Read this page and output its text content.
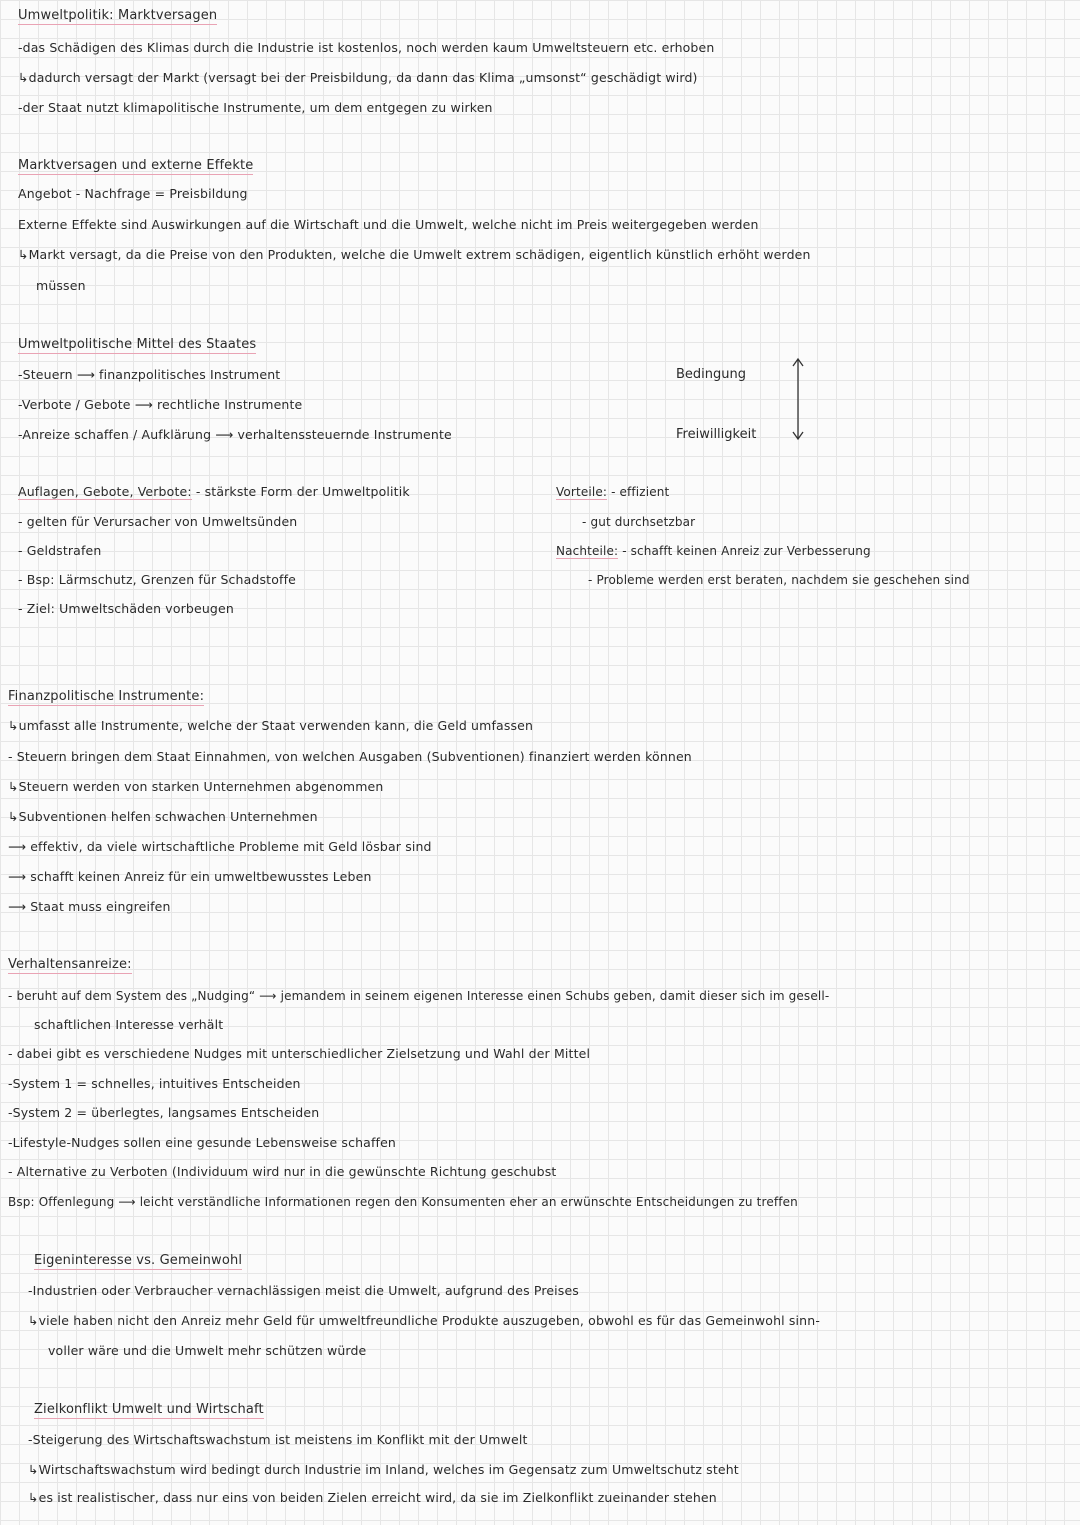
Umweltpolitik: Marktversagen
-das Schädigen des Klimas durch die Industrie ist kostenlos, noch werden kaum Umweltsteuern etc. erhoben
↳dadurch versagt der Markt (versagt bei der Preisbildung, da dann das Klima „umsonst“ geschädigt wird)
-der Staat nutzt klimapolitische Instrumente, um dem entgegen zu wirken
Marktversagen und externe Effekte
Angebot - Nachfrage = Preisbildung
Externe Effekte sind Auswirkungen auf die Wirtschaft und die Umwelt, welche nicht im Preis weitergegeben werden
↳Markt versagt, da die Preise von den Produkten, welche die Umwelt extrem schädigen, eigentlich künstlich erhöht werden
müssen
Umweltpolitische Mittel des Staates
-Steuern ⟶ finanzpolitisches Instrument
-Verbote / Gebote ⟶ rechtliche Instrumente
-Anreize schaffen / Aufklärung ⟶ verhaltenssteuernde Instrumente
Bedingung
Freiwilligkeit
Auflagen, Gebote, Verbote: - stärkste Form der Umweltpolitik
- gelten für Verursacher von Umweltsünden
- Geldstrafen
- Bsp: Lärmschutz, Grenzen für Schadstoffe
- Ziel: Umweltschäden vorbeugen
Vorteile: - effizient
- gut durchsetzbar
Nachteile: - schafft keinen Anreiz zur Verbesserung
- Probleme werden erst beraten, nachdem sie geschehen sind
Finanzpolitische Instrumente:
↳umfasst alle Instrumente, welche der Staat verwenden kann, die Geld umfassen
- Steuern bringen dem Staat Einnahmen, von welchen Ausgaben (Subventionen) finanziert werden können
↳Steuern werden von starken Unternehmen abgenommen
↳Subventionen helfen schwachen Unternehmen
⟶ effektiv, da viele wirtschaftliche Probleme mit Geld lösbar sind
⟶ schafft keinen Anreiz für ein umweltbewusstes Leben
⟶ Staat muss eingreifen
Verhaltensanreize:
- beruht auf dem System des „Nudging“ ⟶ jemandem in seinem eigenen Interesse einen Schubs geben, damit dieser sich im gesell-
schaftlichen Interesse verhält
- dabei gibt es verschiedene Nudges mit unterschiedlicher Zielsetzung und Wahl der Mittel
-System 1 = schnelles, intuitives Entscheiden
-System 2 = überlegtes, langsames Entscheiden
-Lifestyle-Nudges sollen eine gesunde Lebensweise schaffen
- Alternative zu Verboten (Individuum wird nur in die gewünschte Richtung geschubst
Bsp: Offenlegung ⟶ leicht verständliche Informationen regen den Konsumenten eher an erwünschte Entscheidungen zu treffen
Eigeninteresse vs. Gemeinwohl
-Industrien oder Verbraucher vernachlässigen meist die Umwelt, aufgrund des Preises
↳viele haben nicht den Anreiz mehr Geld für umweltfreundliche Produkte auszugeben, obwohl es für das Gemeinwohl sinn-
voller wäre und die Umwelt mehr schützen würde
Zielkonflikt Umwelt und Wirtschaft
-Steigerung des Wirtschaftswachstum ist meistens im Konflikt mit der Umwelt
↳Wirtschaftswachstum wird bedingt durch Industrie im Inland, welches im Gegensatz zum Umweltschutz steht
↳es ist realistischer, dass nur eins von beiden Zielen erreicht wird, da sie im Zielkonflikt zueinander stehen
